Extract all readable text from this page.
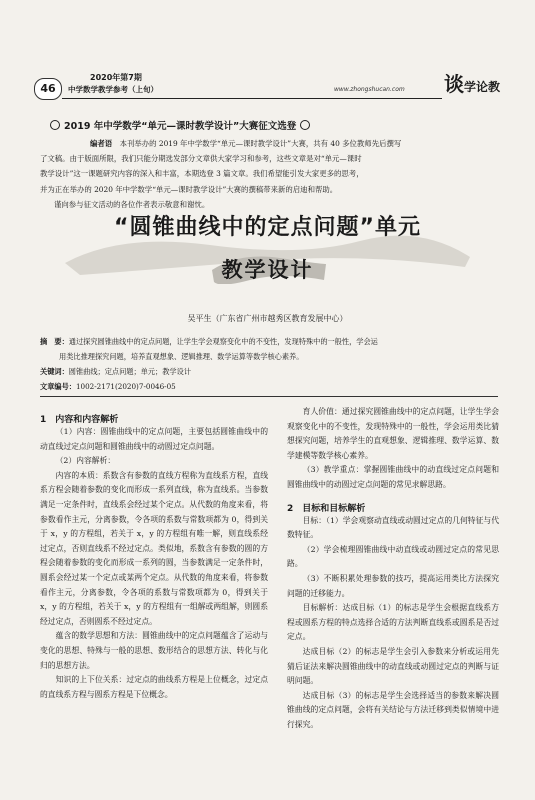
46
2020年第7期
中学数学教学参考（上旬）	www.zhongshucan.com 谈学论教
2019 年中学数学“单元—课时教学设计”大赛征文选登
编者语　 本刊举办的 2019 年中学数学“单元—课时教学设计”大赛，共有 40 多位教师先后撰写
了文稿。由于版面所限，我们只能分期选发部分文章供大家学习和参考，这些文章是对“单元—课时
教学设计”这一课题研究内容的深入和丰富，本期选登 3 篇文章。我们希望能引发大家更多的思考，
并为正在举办的 2020 年中学数学“单元—课时教学设计”大赛的撰稿带来新的启迪和帮助。
谨向参与征文活动的各位作者表示敬意和谢忱。
“圆锥曲线中的定点问题”单元
教学设计
吴平生（广东省广州市越秀区教育发展中心）
摘　要：通过探究圆锥曲线中的定点问题，让学生学会观察变化中的不变性，发现特殊中的一般性，学会运
用类比推理探究问题，培养直观想象、逻辑推理、数学运算等数学核心素养。
关键词：圆锥曲线；定点问题；单元；教学设计
文章编号：1002-2171(2020)7-0046-05

1　内容和内容解析

（1）内容：圆锥曲线中的定点问题，主要包括圆锥曲线中的动直线过定点问题和圆锥曲线中的动圆过定点问题。

（2）内容解析：

内容的本质：系数含有参数的直线方程称为直线系方程，直线系方程会随着参数的变化而形成一系列直线，称为直线系。当参数满足一定条件时，直线系会经过某个定点。从代数的角度来看，将参数看作主元，分离参数，令各项的系数与常数项都为 0，得到关于 x，y 的方程组，若关于 x，y 的方程组有唯一解，则直线系经过定点，否则直线系不经过定点。类似地，系数含有参数的圆的方程会随着参数的变化而形成一系列的圆，当参数满足一定条件时，圆系会经过某一个定点或某两个定点。从代数的角度来看，将参数看作主元，分离参数，令各项的系数与常数项都为 0，得到关于 x，y 的方程组，若关于 x，y 的方程组有一组解或两组解，则圆系经过定点，否则圆系不经过定点。

蕴含的数学思想和方法：圆锥曲线中的定点问题蕴含了运动与变化的思想、特殊与一般的思想、数形结合的思想方法、转化与化归的思想方法。

知识的上下位关系：过定点的曲线系方程是上位概念，过定点的直线系方程与圆系方程是下位概念。

育人价值：通过探究圆锥曲线中的定点问题，让学生学会观察变化中的不变性，发现特殊中的一般性，学会运用类比猜想探究问题，培养学生的直观想象、逻辑推理、数学运算、数学建模等数学核心素养。

（3）教学重点：掌握圆锥曲线中的动直线过定点问题和圆锥曲线中的动圆过定点问题的常见求解思路。

2　目标和目标解析

目标：（1）学会观察动直线或动圆过定点的几何特征与代数特征。

（2）学会梳理圆锥曲线中动直线或动圆过定点的常见思路。

（3）不断积累处理参数的技巧，提高运用类比方法探究问题的迁移能力。

目标解析：达成目标（1）的标志是学生会根据直线系方程或圆系方程的特点选择合适的方法判断直线系或圆系是否过定点。

达成目标（2）的标志是学生会引入参数来分析或运用先猜后证法来解决圆锥曲线中的动直线或动圆过定点的判断与证明问题。

达成目标（3）的标志是学生会选择适当的参数来解决圆锥曲线的定点问题，会将有关结论与方法迁移到类似情境中进行探究。
